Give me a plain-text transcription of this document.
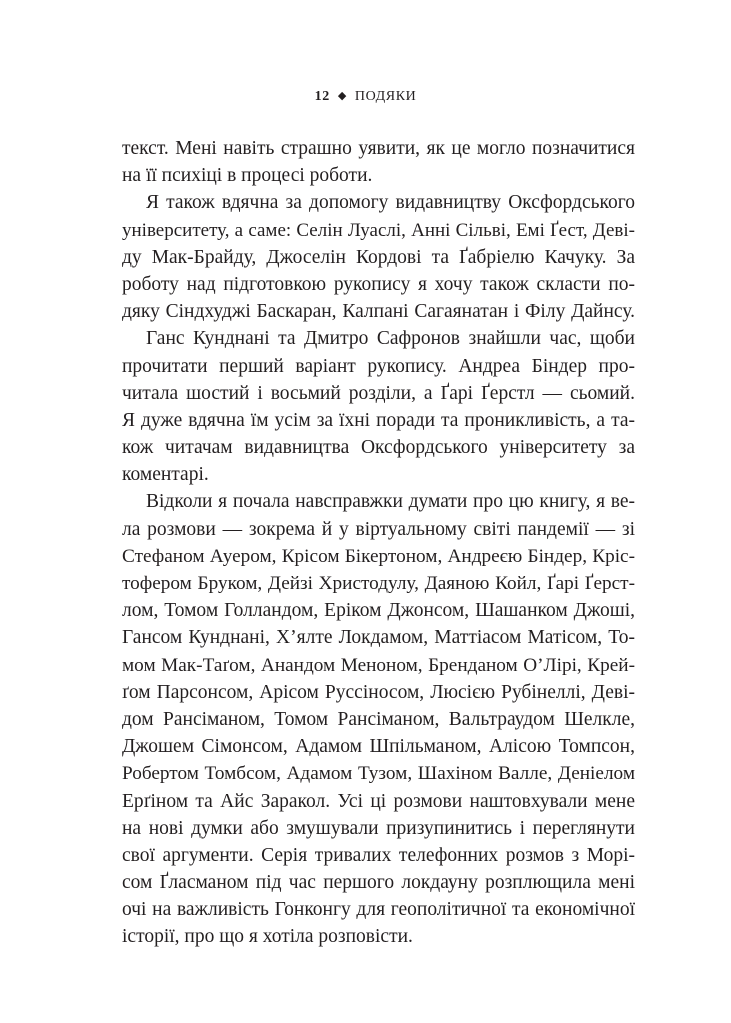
12 ◆ ПОДЯКИ
текст. Мені навіть страшно уявити, як це могло позначитися
на її психіці в процесі роботи.
Я також вдячна за допомогу видавництву Оксфордського
університету, а саме: Селін Луаслі, Анні Сільві, Емі Ґест, Деві-
ду Мак-Брайду, Джоселін Кордові та Ґабріелю Качуку. За
роботу над підготовкою рукопису я хочу також скласти по-
дяку Сіндхуджі Баскаран, Калпані Сагаянатан і Філу Дайнсу.
Ганс Кунднані та Дмитро Сафронов знайшли час, щоби
прочитати перший варіант рукопису. Андреа Біндер про-
читала шостий і восьмий розділи, а Ґарі Ґерстл — сьомий.
Я дуже вдячна їм усім за їхні поради та проникливість, а та-
кож читачам видавництва Оксфордського університету за
коментарі.
Відколи я почала навсправжки думати про цю книгу, я ве-
ла розмови — зокрема й у віртуальному світі пандемії — зі
Стефаном Ауером, Крісом Бікертоном, Андреєю Біндер, Кріс-
тофером Бруком, Дейзі Христодулу, Даяною Койл, Ґарі Ґерст-
лом, Томом Голландом, Еріком Джонсом, Шашанком Джоші,
Гансом Кунднані, Х’ялте Локдамом, Маттіасом Матісом, То-
мом Мак-Таґом, Анандом Меноном, Бренданом О’Лірі, Крей-
ґом Парсонсом, Арісом Руссіносом, Люсією Рубінеллі, Деві-
дом Рансіманом, Томом Рансіманом, Вальтраудом Шелкле,
Джошем Сімонсом, Адамом Шпільманом, Алісою Томпсон,
Робертом Томбсом, Адамом Тузом, Шахіном Валле, Деніелом
Ерґіном та Айс Заракол. Усі ці розмови наштовхували мене
на нові думки або змушували призупинитись і переглянути
свої аргументи. Серія тривалих телефонних розмов з Морі-
сом Ґласманом під час першого локдауну розплющила мені
очі на важливість Гонконгу для геополітичної та економічної
історії, про що я хотіла розповісти.
